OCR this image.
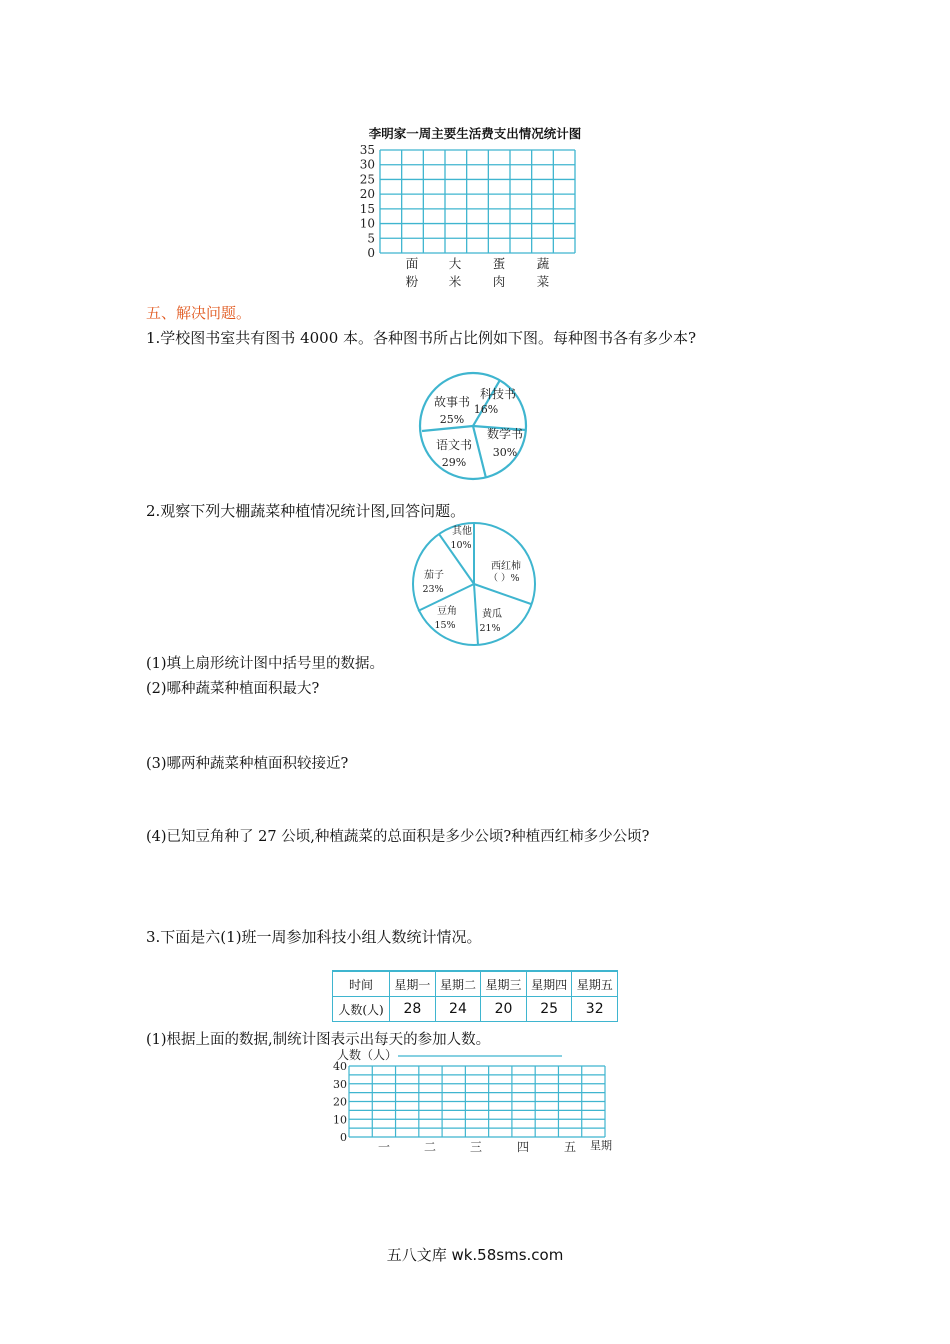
李明家一周主要生活费支出情况统计图
35
30
25
20
15
10
5
0
面
粉
大
米
蛋
肉
蔬
菜
五、解决问题。
1.学校图书室共有图书 4000 本。各种图书所占比例如下图。每种图书各有多少本?
故事书
25%
科技书
16%
数学书
30%
语文书
29%
2.观察下列大棚蔬菜种植情况统计图,回答问题。
其他
10%
西红柿
（ ）%
黄瓜
21%
豆角
15%
茄子
23%
(1)填上扇形统计图中括号里的数据。
(2)哪种蔬菜种植面积最大?
(3)哪两种蔬菜种植面积较接近?
(4)已知豆角种了 27 公顷,种植蔬菜的总面积是多少公顷?种植西红柿多少公顷?
3.下面是六(1)班一周参加科技小组人数统计情况。
时间	星期一	星期二	星期三	星期四	星期五
人数(人)	28	24	20	25	32
(1)根据上面的数据,制统计图表示出每天的参加人数。
人数（人）
40
30
20
10
0
一	二	三	四	五 星期
五八文库 wk.58sms.com
